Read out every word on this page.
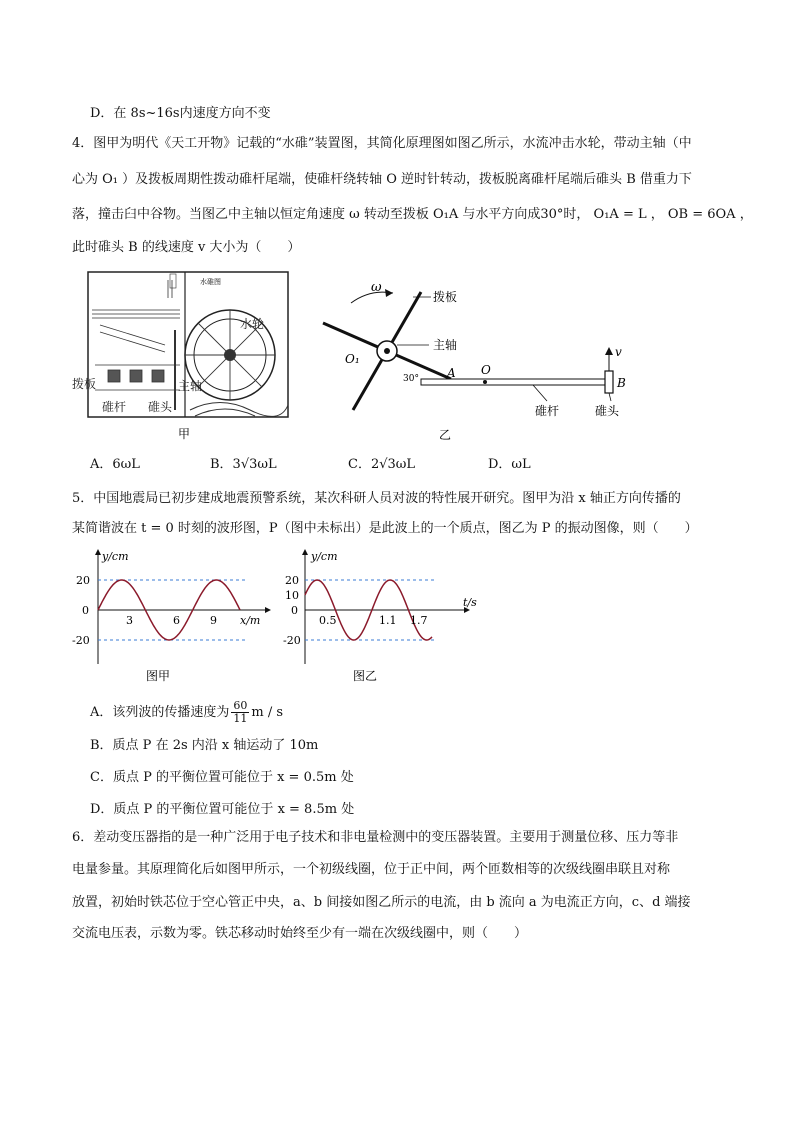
D．在 8s~16s内速度方向不变
4．图甲为明代《天工开物》记载的“水碓”装置图，其简化原理图如图乙所示，水流冲击水轮，带动主轴（中
心为 O₁ ）及拨板周期性拨动碓杆尾端，使碓杆绕转轴 O 逆时针转动，拨板脱离碓杆尾端后碓头 B 借重力下
落，撞击臼中谷物。当图乙中主轴以恒定角速度 ω 转动至拨板 O₁A 与水平方向成30°时， O₁A = L ， OB = 6OA ，
此时碓头 B 的线速度 v 大小为（　　）
水碓图
水轮
拨板
碓杆 碓头
主轴
甲
ω
拨板
主轴
O₁
30° A O
B
v
碓杆	碓头
乙
A．6ωL	B．3√3ωL	C．2√3ωL	D．ωL
5．中国地震局已初步建成地震预警系统，某次科研人员对波的特性展开研究。图甲为沿 x 轴正方向传播的
某简谐波在 t = 0 时刻的波形图，P（图中未标出）是此波上的一个质点，图乙为 P 的振动图像，则（　　）
y/cm
20
0
-20
3	6	9 x/m
图甲
y/cm
20
10
0
-20
0.5	1.1 1.7
t/s
图乙
A．该列波的传播速度为 $\frac{60}{11}$ m / s
B．质点 P 在 2s 内沿 x 轴运动了 10m
C．质点 P 的平衡位置可能位于 x = 0.5m 处
D．质点 P 的平衡位置可能位于 x = 8.5m 处
6．差动变压器指的是一种广泛用于电子技术和非电量检测中的变压器装置。主要用于测量位移、压力等非
电量参量。其原理简化后如图甲所示，一个初级线圈，位于正中间，两个匝数相等的次级线圈串联且对称
放置，初始时铁芯位于空心管正中央，a、b 间接如图乙所示的电流，由 b 流向 a 为电流正方向，c、d 端接
交流电压表，示数为零。铁芯移动时始终至少有一端在次级线圈中，则（　　）
